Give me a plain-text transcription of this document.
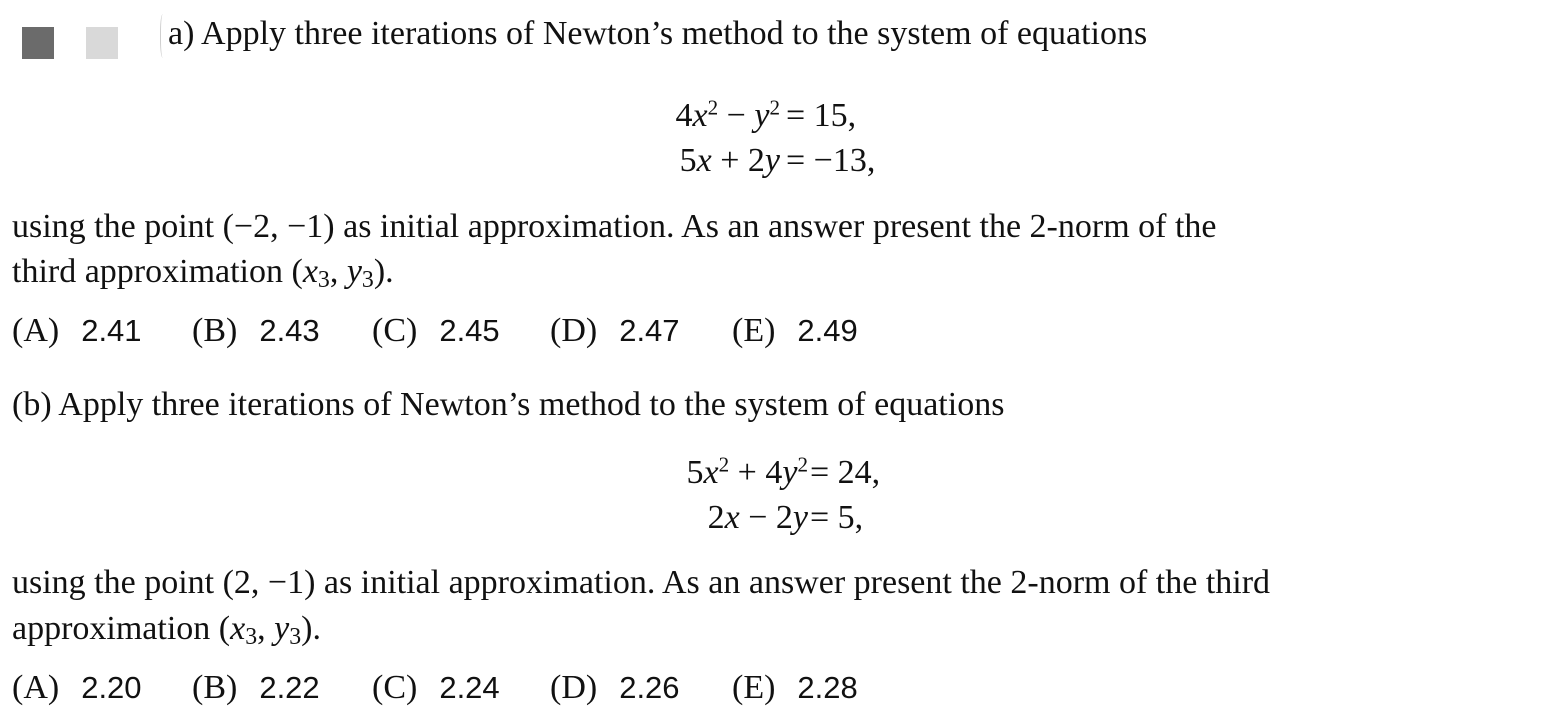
a) Apply three iterations of Newton’s method to the system of equations
$4x^2 - y^2 = 15$,
5x + 2y = −13,
using the point (−2, −1) as initial approximation. As an answer present the 2-norm of the
third approximation ($x_3$, $y_3$).
(A) 2.41 (B) 2.43 (C) 2.45 (D) 2.47 (E) 2.49
(b) Apply three iterations of Newton’s method to the system of equations
$5x^2 + 4y^2 = 24$,
2x − 2y = 5,
using the point (2, −1) as initial approximation. As an answer present the 2-norm of the third
approximation ($x_3$, $y_3$).
(A) 2.20 (B) 2.22 (C) 2.24 (D) 2.26 (E) 2.28
